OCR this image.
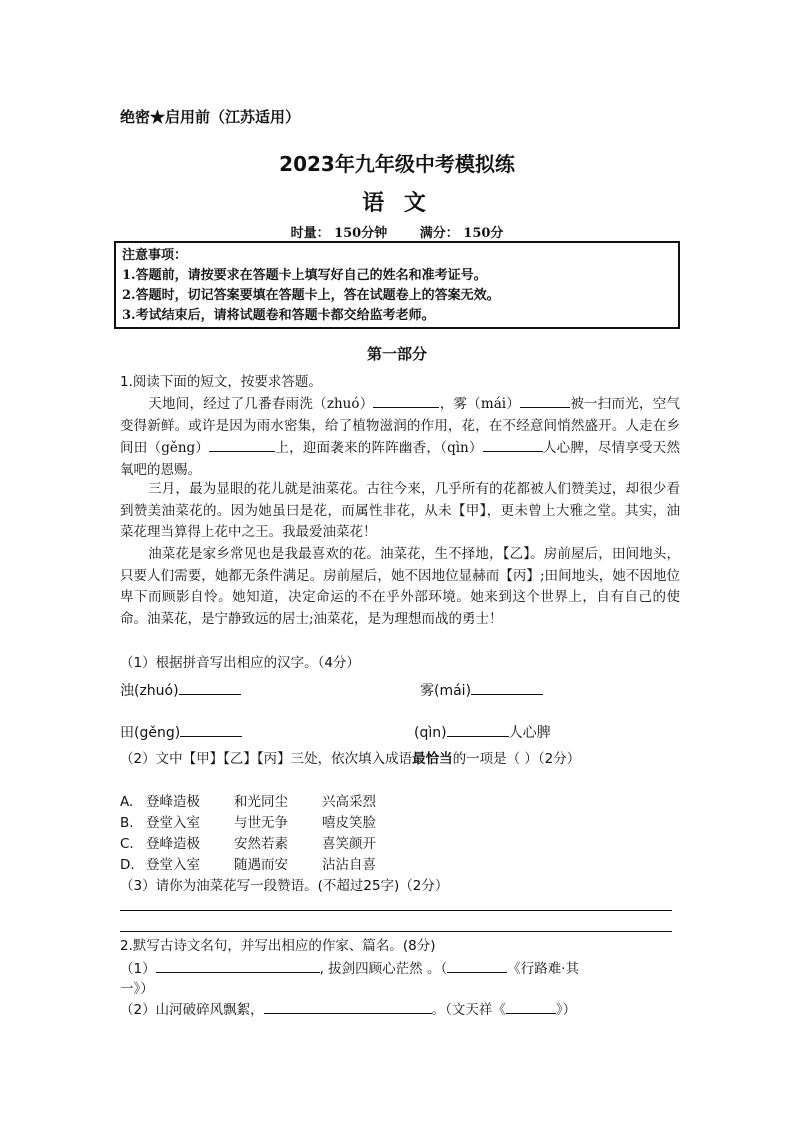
绝密★启用前（江苏适用）
2023年九年级中考模拟练
语 文
时量： 150分钟	满分： 150分
注意事项：
1.答题前，请按要求在答题卡上填写好自己的姓名和准考证号。
2.答题时，切记答案要填在答题卡上，答在试题卷上的答案无效。
3.考试结束后，请将试题卷和答题卡都交给监考老师。
第一部分
1.阅读下面的短文，按要求答题。
天地间，经过了几番春雨洗（zhuó）	，雾（mái）	被一扫而光，空气变得新鲜。或许是因为雨水密集，给了植物滋润的作用，花，在不经意间悄然盛开。人走在乡间田（gěng）	上，迎面袭来的阵阵幽香，（qìn）	人心脾，尽情享受天然氧吧的恩赐。
三月，最为显眼的花儿就是油菜花。古往今来，几乎所有的花都被人们赞美过，却很少看到赞美油菜花的。因为她虽曰是花，而属性非花，从未【甲】，更未曾上大雅之堂。其实，油菜花理当算得上花中之王。我最爱油菜花！
油菜花是家乡常见也是我最喜欢的花。油菜花，生不择地，【乙】。房前屋后，田间地头，只要人们需要，她都无条件满足。房前屋后，她不因地位显赫而【丙】;田间地头，她不因地位卑下而顾影自怜。她知道，决定命运的不在乎外部环境。她来到这个世界上，自有自己的使命。油菜花，是宁静致远的居士;油菜花，是为理想而战的勇士！
（1）根据拼音写出相应的汉字。（4分）
浊(zhuó)	雾(mái)
田(gěng)	(qìn)	人心脾
（2）文中【甲】【乙】【丙】三处，依次填入成语最恰当的一项是（ ）（2分）
A. 登峰造极	和光同尘	兴高采烈
B. 登堂入室	与世无争	嘻皮笑脸
C. 登峰造极	安然若素	喜笑颜开
D. 登堂入室	随遇而安	沾沾自喜
（3）请你为油菜花写一段赞语。(不超过25字)（2分）
2.默写古诗文名句，并写出相应的作家、篇名。(8分)
（1）	, 拔剑四顾心茫然 。（	《行路难·其
一》）
（2）山河破碎风飘絮，	。（文天祥《	》）
